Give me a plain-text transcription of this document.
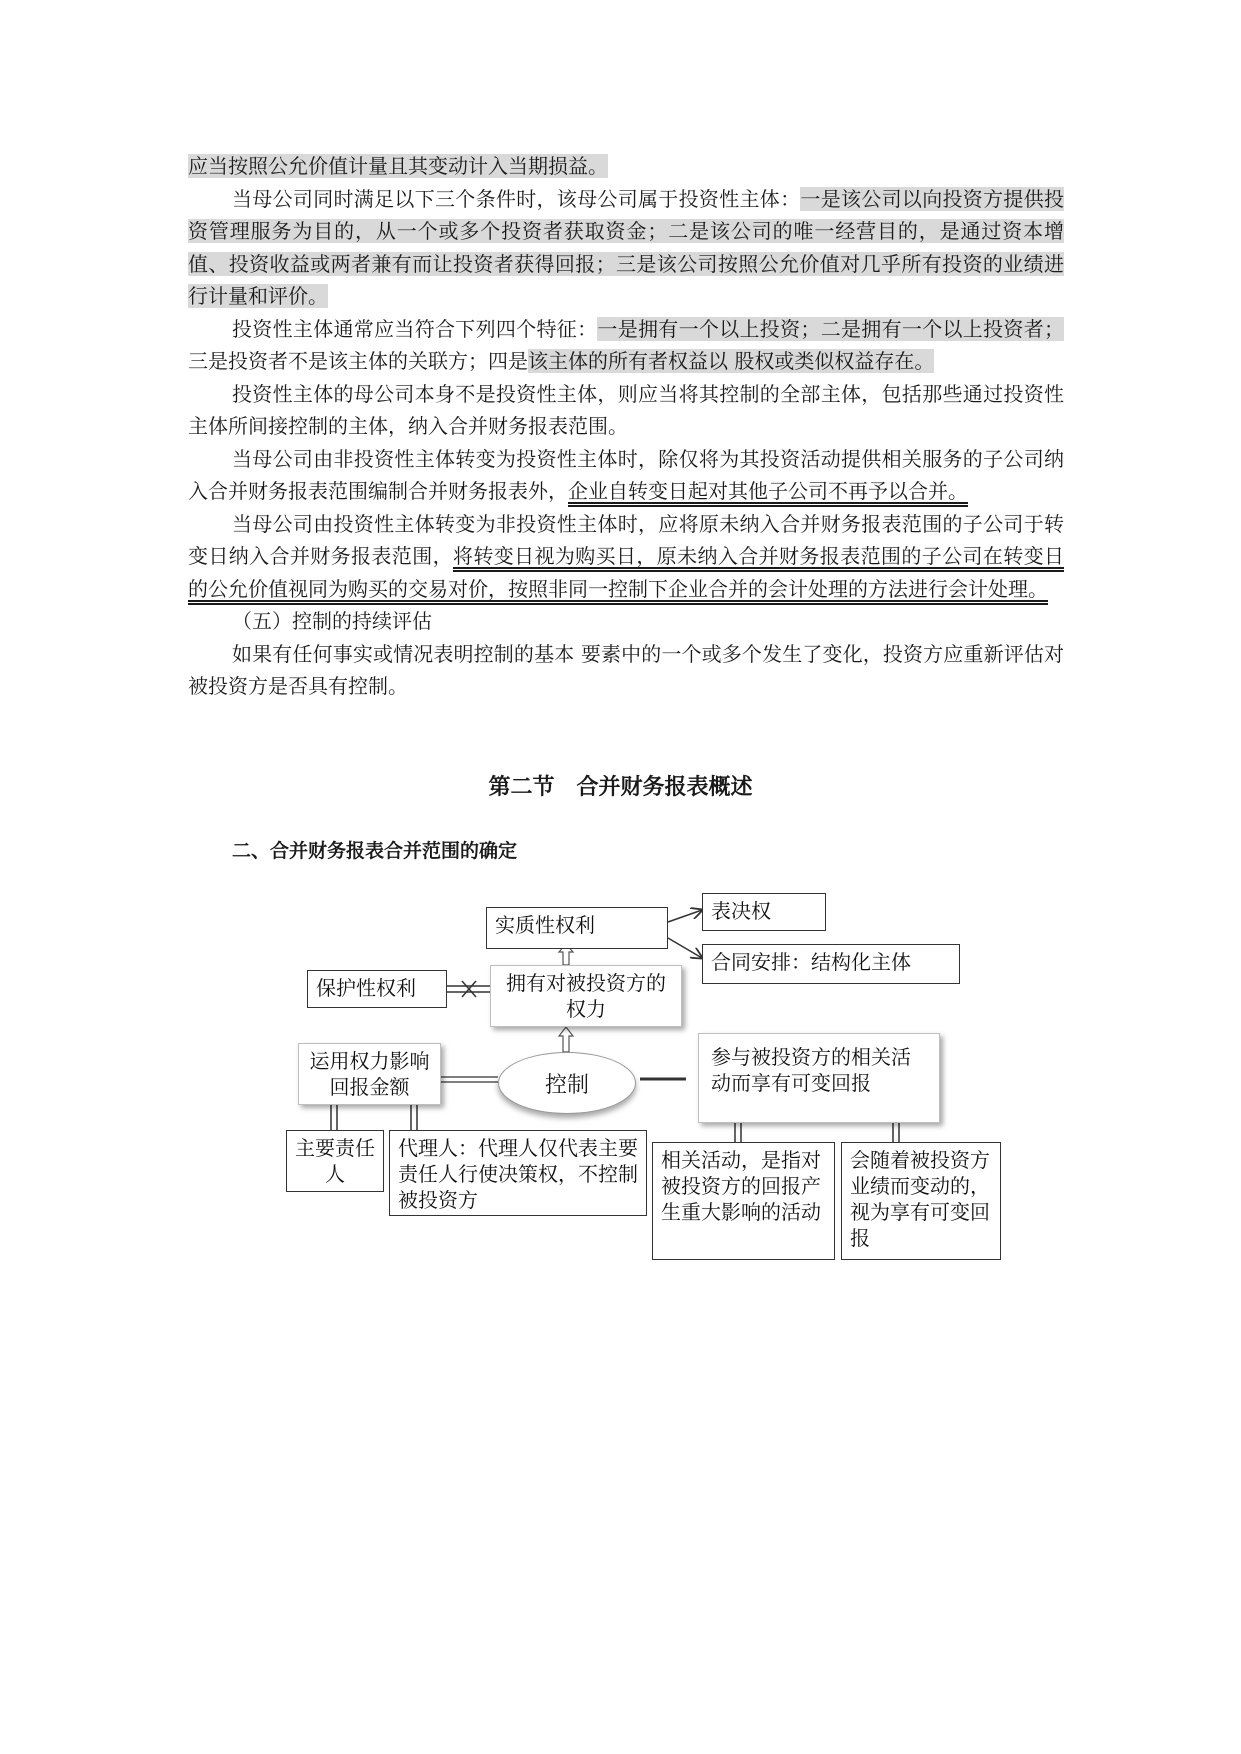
应当按照公允价值计量且其变动计入当期损益。

当母公司同时满足以下三个条件时，该母公司属于投资性主体：一是该公司以向投资方提供投资管理服务为目的，从一个或多个投资者获取资金；二是该公司的唯一经营目的，是通过资本增值、投资收益或两者兼有而让投资者获得回报；三是该公司按照公允价值对几乎所有投资的业绩进行计量和评价。

投资性主体通常应当符合下列四个特征：一是拥有一个以上投资；二是拥有一个以上投资者；三是投资者不是该主体的关联方；四是该主体的所有者权益以 股权或类似权益存在。

投资性主体的母公司本身不是投资性主体，则应当将其控制的全部主体，包括那些通过投资性主体所间接控制的主体，纳入合并财务报表范围。

当母公司由非投资性主体转变为投资性主体时，除仅将为其投资活动提供相关服务的子公司纳入合并财务报表范围编制合并财务报表外，企业自转变日起对其他子公司不再予以合并。

当母公司由投资性主体转变为非投资性主体时，应将原未纳入合并财务报表范围的子公司于转变日纳入合并财务报表范围，将转变日视为购买日，原未纳入合并财务报表范围的子公司在转变日的公允价值视同为购买的交易对价，按照非同一控制下企业合并的会计处理的方法进行会计处理。

（五）控制的持续评估

如果有任何事实或情况表明控制的基本 要素中的一个或多个发生了变化，投资方应重新评估对被投资方是否具有控制。

第二节　合并财务报表概述
二、合并财务报表合并范围的确定
实质性权利
表决权
合同安排：结构化主体
保护性权利	拥有对被投资方的权力
运用权力影响回报金额	控制
参与被投资方的相关活动而享有可变回报
主要责任人
代理人：代理人仅代表主要责任人行使决策权，不控制被投资方
相关活动，是指对被投资方的回报产生重大影响的活动
会随着被投资方业绩而变动的，视为享有可变回报
